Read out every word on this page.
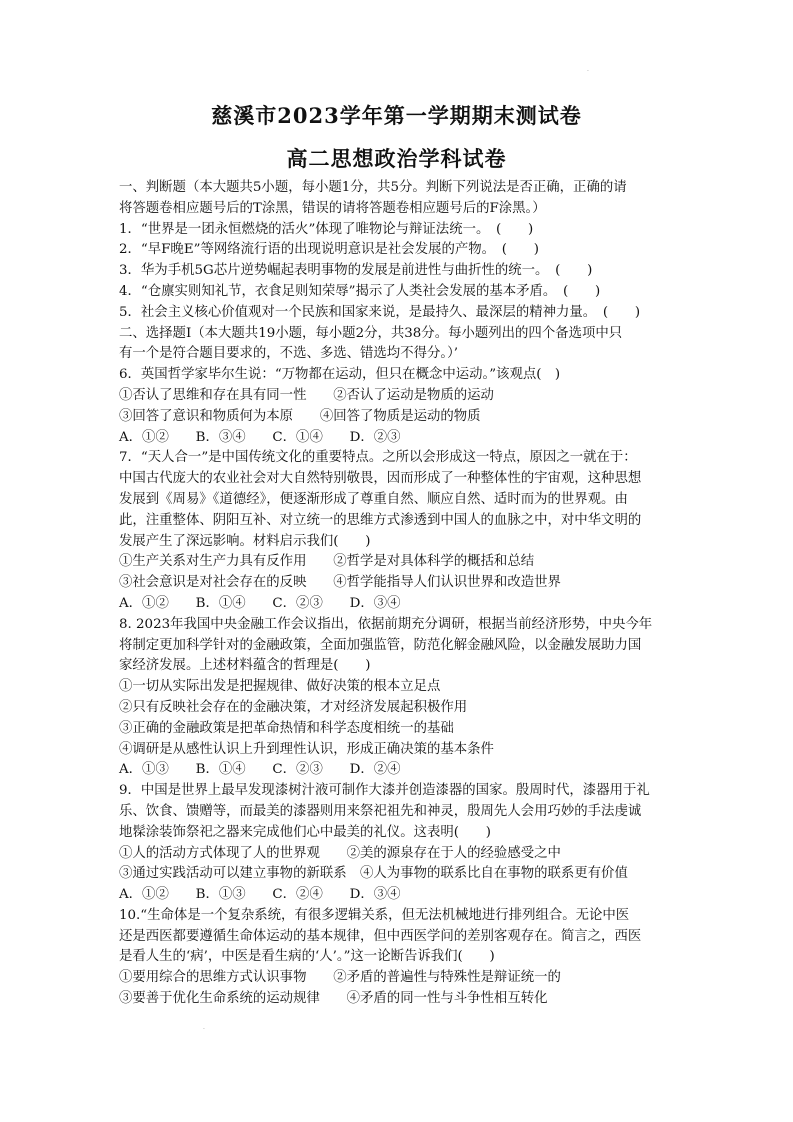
.
慈溪市2023学年第一学期期末测试卷
高二思想政治学科试卷
一、判断题（本大题共5小题，每小题1分，共5分。判断下列说法是否正确，正确的请
将答题卷相应题号后的T涂黑，错误的请将答题卷相应题号后的F涂黑。）
1．“世界是一团永恒燃烧的活火”体现了唯物论与辩证法统一。　(　　)
2．“早F晚E”等网络流行语的出现说明意识是社会发展的产物。　(　　)
3．华为手机5G芯片逆势崛起表明事物的发展是前进性与曲折性的统一。　(　　)
4．“仓廪实则知礼节，衣食足则知荣辱”揭示了人类社会发展的基本矛盾。　(　　)
5．社会主义核心价值观对一个民族和国家来说，是最持久、最深层的精神力量。　(　　)
二、选择题Ⅰ（本大题共19小题，每小题2分，共38分。每小题列出的四个备选项中只
有一个是符合题目要求的，不选、多选、错选均不得分。）’
6．英国哲学家毕尔生说：“万物都在运动，但只在概念中运动。”该观点(　)
①否认了思维和存在具有同一性　　②否认了运动是物质的运动
③回答了意识和物质何为本原　　④回答了物质是运动的物质
A．①②　　B．③④　　C．①④　　D．②③
7．“天人合一”是中国传统文化的重要特点。之所以会形成这一特点，原因之一就在于：
中国古代庞大的农业社会对大自然特别敬畏，因而形成了一种整体性的宇宙观，这种思想
发展到《周易》《道德经》，便逐渐形成了尊重自然、顺应自然、适时而为的世界观。由
此，注重整体、阴阳互补、对立统一的思维方式渗透到中国人的血脉之中，对中华文明的
发展产生了深远影响。材料启示我们(　　)
①生产关系对生产力具有反作用　　②哲学是对具体科学的概括和总结
③社会意识是对社会存在的反映　　④哲学能指导人们认识世界和改造世界
A．①②　　B．①④　　C．②③　　D．③④
8. 2023年我国中央金融工作会议指出，依据前期充分调研，根据当前经济形势，中央今年
将制定更加科学针对的金融政策，全面加强监管，防范化解金融风险，以金融发展助力国
家经济发展。上述材料蕴含的哲理是(　　)
①一切从实际出发是把握规律、做好决策的根本立足点
②只有反映社会存在的金融决策，才对经济发展起积极作用
③正确的金融政策是把革命热情和科学态度相统一的基础
④调研是从感性认识上升到理性认识，形成正确决策的基本条件
A．①③　　B．①④　　C．②③　　D．②④
9．中国是世界上最早发现漆树汁液可制作大漆并创造漆器的国家。殷周时代，漆器用于礼
乐、饮食、馈赠等，而最美的漆器则用来祭祀祖先和神灵，殷周先人会用巧妙的手法虔诚
地髹涂装饰祭祀之器来完成他们心中最美的礼仪。这表明(　　)
①人的活动方式体现了人的世界观　　②美的源泉存在于人的经验感受之中
③通过实践活动可以建立事物的新联系　④人为事物的联系比自在事物的联系更有价值
A．①②　　B．①③　　C．②④　　D．③④
10.“生命体是一个复杂系统，有很多逻辑关系，但无法机械地进行排列组合。无论中医
还是西医都要遵循生命体运动的基本规律，但中西医学问的差别客观存在。简言之，西医
是看人生的‘病’，中医是看生病的‘人’。”这一论断告诉我们(　　)
①要用综合的思维方式认识事物　　②矛盾的普遍性与特殊性是辩证统一的
③要善于优化生命系统的运动规律　　④矛盾的同一性与斗争性相互转化
.
